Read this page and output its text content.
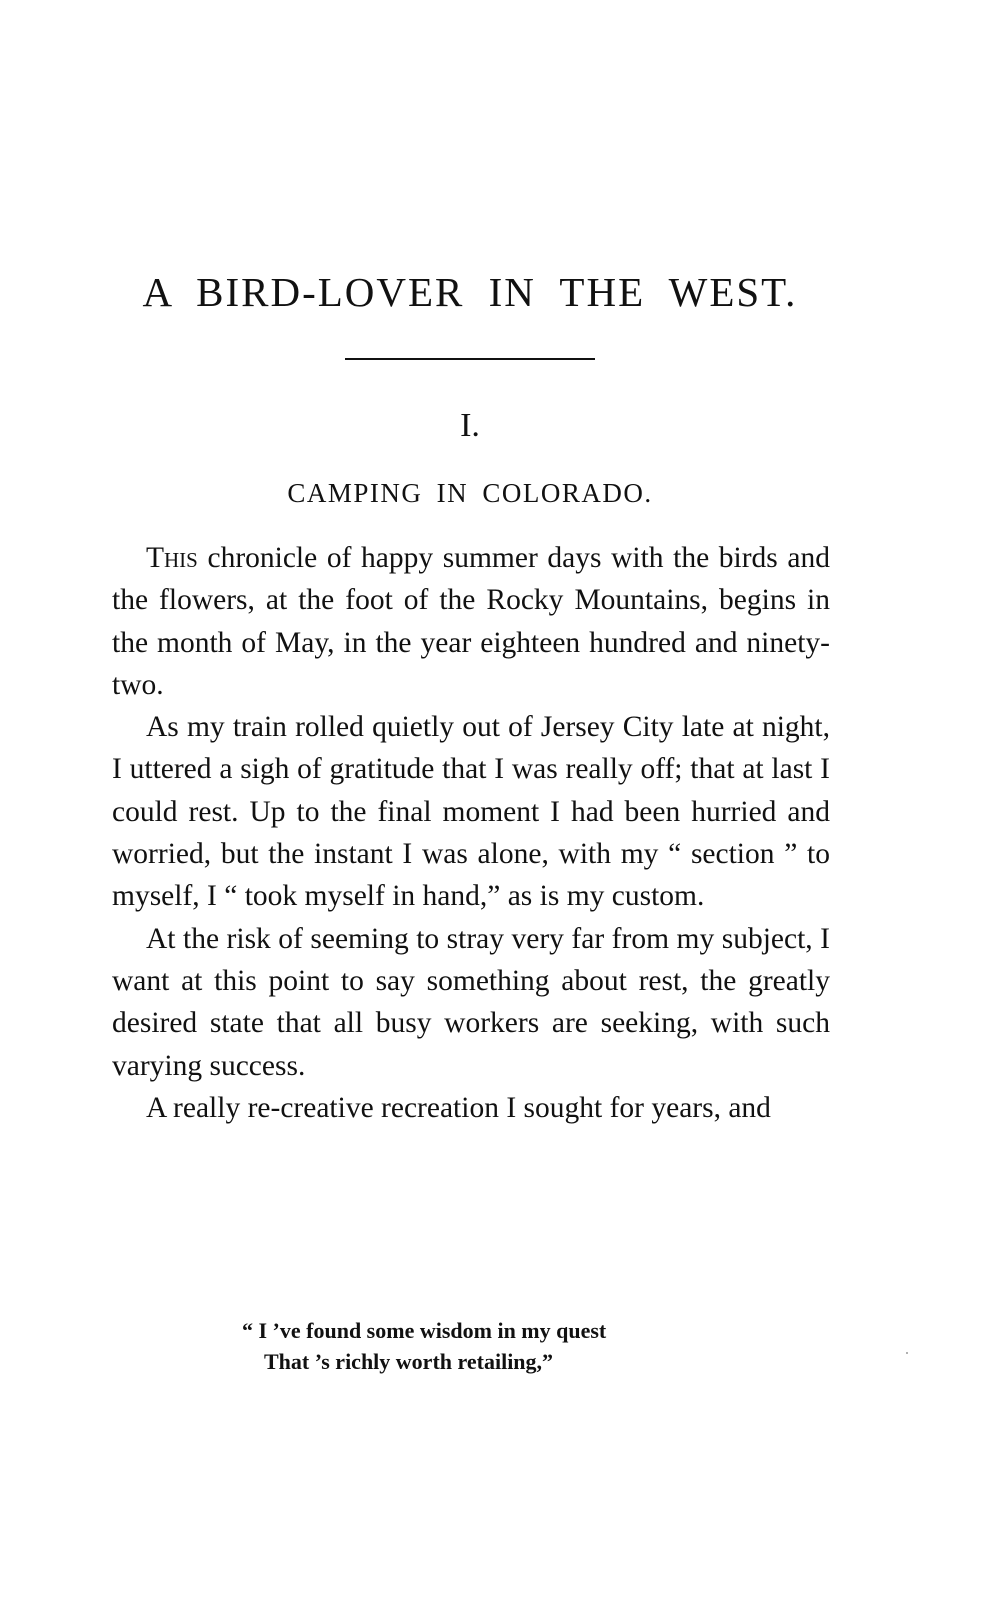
A BIRD-LOVER IN THE WEST.
I.
CAMPING IN COLORADO.

This chronicle of happy summer days with the birds and the flowers, at the foot of the Rocky Mountains, begins in the month of May, in the year eighteen hundred and ninety-two.

As my train rolled quietly out of Jersey City late at night, I uttered a sigh of gratitude that I was really off; that at last I could rest. Up to the final moment I had been hurried and worried, but the instant I was alone, with my “ section ” to myself, I “ took myself in hand,” as is my custom.

At the risk of seeming to stray very far from my subject, I want at this point to say something about rest, the greatly desired state that all busy workers are seeking, with such varying success.

A really re-creative recreation I sought for years, and

“ I ’ve found some wisdom in my quest
That ’s richly worth retailing,”
